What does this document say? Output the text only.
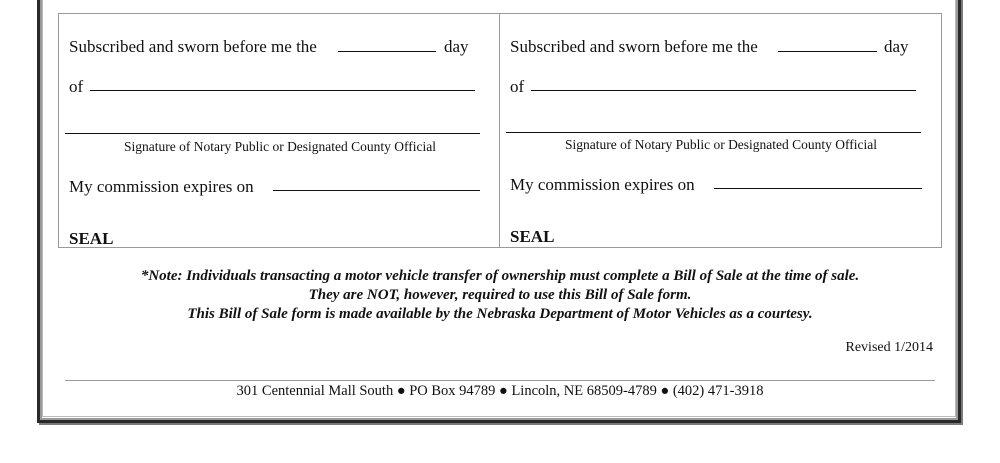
Subscribed and sworn before me the	day
of
Signature of Notary Public or Designated County Official
My commission expires on
SEAL
Subscribed and sworn before me the	day
of
Signature of Notary Public or Designated County Official
My commission expires on
SEAL
*Note: Individuals transacting a motor vehicle transfer of ownership must complete a Bill of Sale at the time of sale.
They are NOT, however, required to use this Bill of Sale form.
This Bill of Sale form is made available by the Nebraska Department of Motor Vehicles as a courtesy.
Revised 1/2014
301 Centennial Mall South ● PO Box 94789 ● Lincoln, NE 68509-4789 ● (402) 471-3918
